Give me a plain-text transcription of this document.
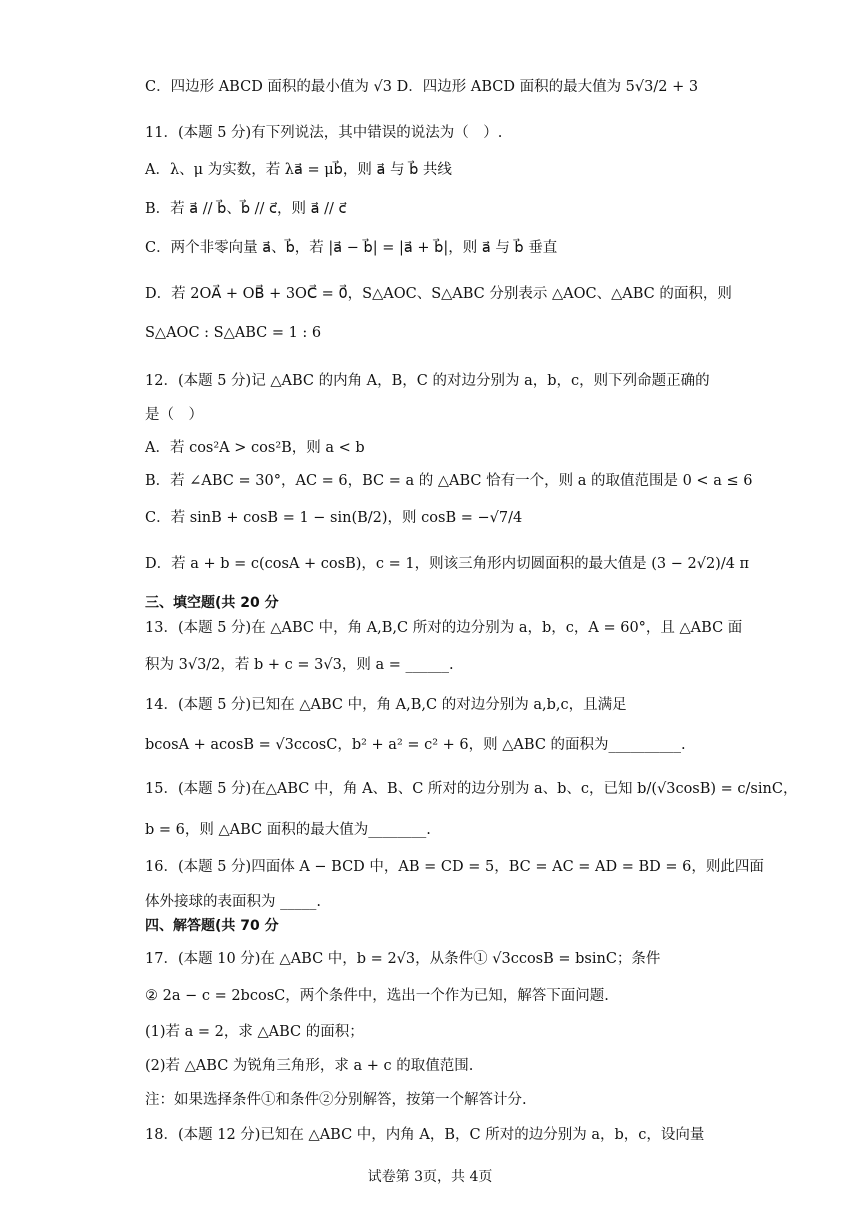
C．四边形 ABCD 面积的最小值为 √3 D．四边形 ABCD 面积的最大值为 5√3/2 + 3
11．(本题 5 分)有下列说法，其中错误的说法为（　）.
A．λ、μ 为实数，若 λa⃗ = μb⃗，则 a⃗ 与 b⃗ 共线
B．若 a⃗ // b⃗、b⃗ // c⃗，则 a⃗ // c⃗
C．两个非零向量 a⃗、b⃗，若 |a⃗ − b⃗| = |a⃗ + b⃗|，则 a⃗ 与 b⃗ 垂直
D．若 2OA⃗ + OB⃗ + 3OC⃗ = 0⃗，S△AOC、S△ABC 分别表示 △AOC、△ABC 的面积，则
S△AOC : S△ABC = 1 : 6
12．(本题 5 分)记 △ABC 的内角 A，B，C 的对边分别为 a，b，c，则下列命题正确的
是（　）
A．若 cos²A > cos²B，则 a < b
B．若 ∠ABC = 30°，AC = 6，BC = a 的 △ABC 恰有一个，则 a 的取值范围是 0 < a ≤ 6
C．若 sinB + cosB = 1 − sin(B/2)，则 cosB = −√7/4
D．若 a + b = c(cosA + cosB)，c = 1，则该三角形内切圆面积的最大值是 (3 − 2√2)/4 π
三、填空题(共 20 分
13．(本题 5 分)在 △ABC 中，角 A,B,C 所对的边分别为 a，b，c，A = 60°，且 △ABC 面
积为 3√3/2，若 b + c = 3√3，则 a = ______.
14．(本题 5 分)已知在 △ABC 中，角 A,B,C 的对边分别为 a,b,c，且满足
bcosA + acosB = √3ccosC，b² + a² = c² + 6，则 △ABC 的面积为__________.
15．(本题 5 分)在△ABC 中，角 A、B、C 所对的边分别为 a、b、c，已知 b/(√3cosB) = c/sinC，
b = 6，则 △ABC 面积的最大值为________.
16．(本题 5 分)四面体 A − BCD 中，AB = CD = 5，BC = AC = AD = BD = 6，则此四面
体外接球的表面积为 _____.
四、解答题(共 70 分
17．(本题 10 分)在 △ABC 中，b = 2√3，从条件① √3ccosB = bsinC；条件
② 2a − c = 2bcosC，两个条件中，选出一个作为已知，解答下面问题.
(1)若 a = 2，求 △ABC 的面积；
(2)若 △ABC 为锐角三角形，求 a + c 的取值范围.
注：如果选择条件①和条件②分别解答，按第一个解答计分.
18．(本题 12 分)已知在 △ABC 中，内角 A，B，C 所对的边分别为 a，b，c，设向量
试卷第 3页，共 4页
